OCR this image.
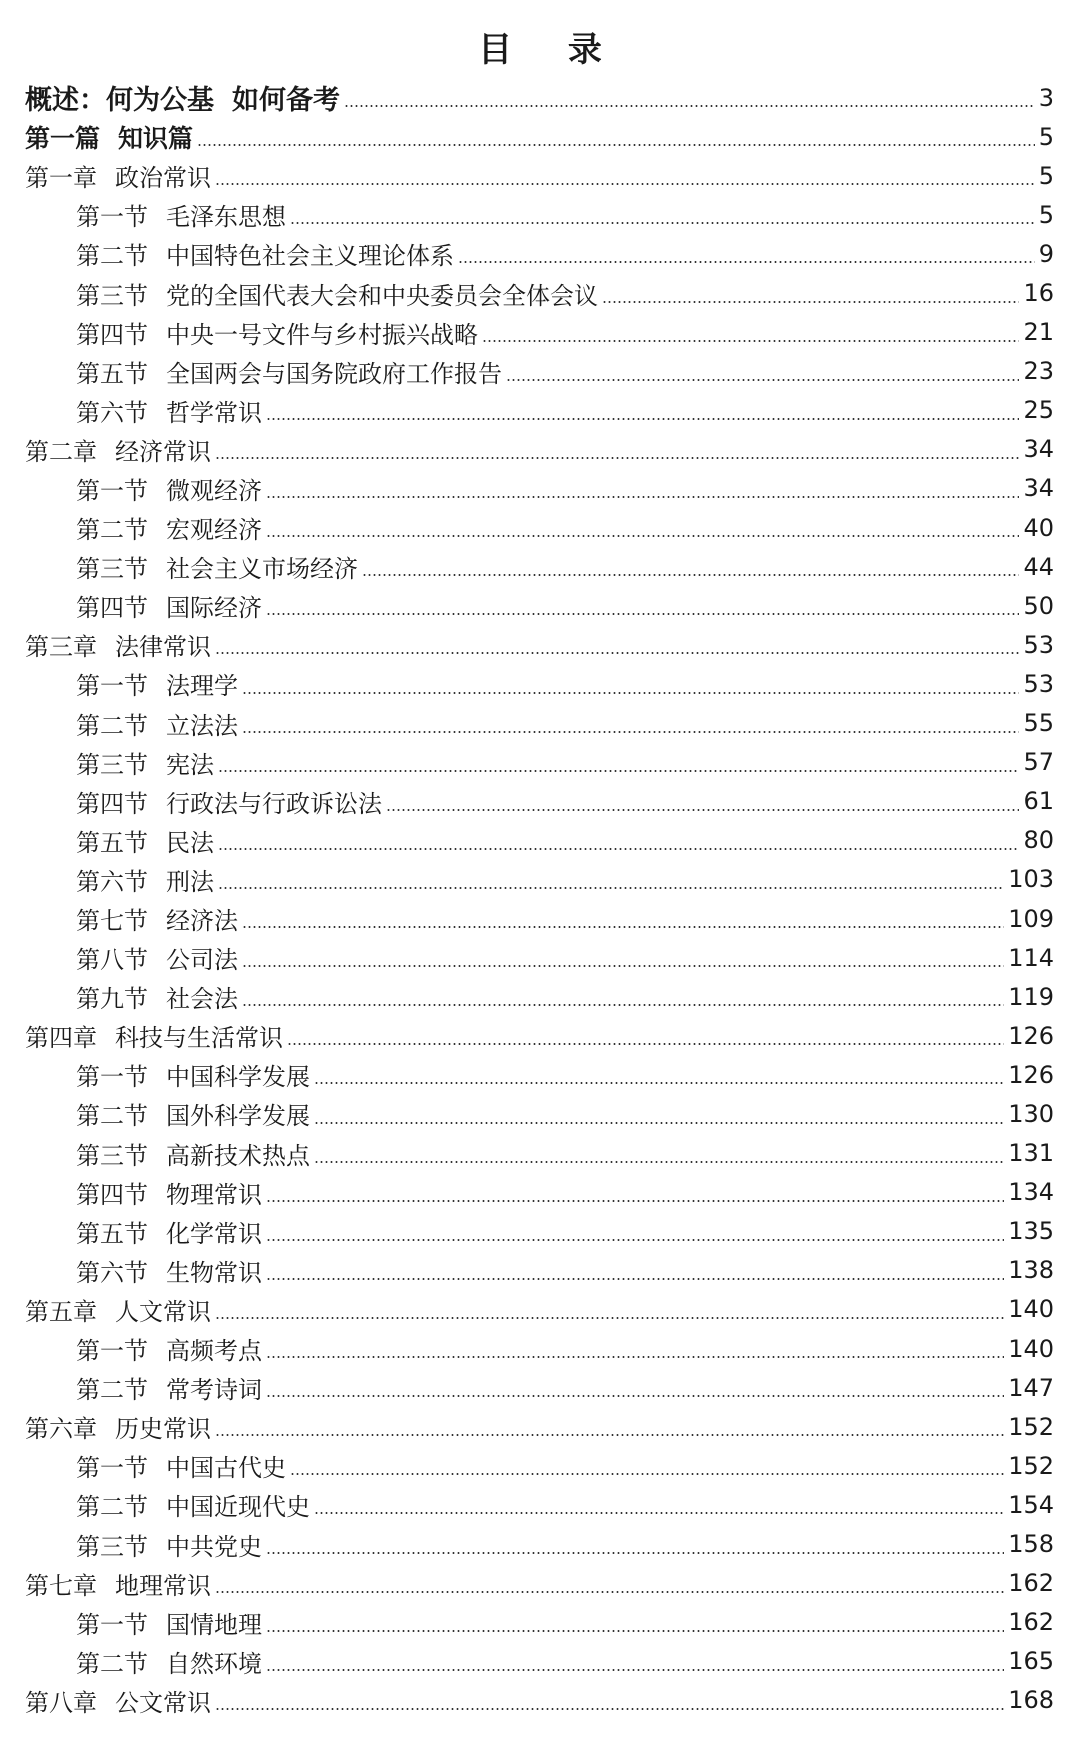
目 录
概述：何为公基 如何备考	3
第一篇 知识篇	5
第一章 政治常识	5
第一节 毛泽东思想	5
第二节 中国特色社会主义理论体系	9
第三节 党的全国代表大会和中央委员会全体会议	16
第四节 中央一号文件与乡村振兴战略	21
第五节 全国两会与国务院政府工作报告	23
第六节 哲学常识	25
第二章 经济常识	34
第一节 微观经济	34
第二节 宏观经济	40
第三节 社会主义市场经济	44
第四节 国际经济	50
第三章 法律常识	53
第一节 法理学	53
第二节 立法法	55
第三节 宪法	57
第四节 行政法与行政诉讼法	61
第五节 民法	80
第六节 刑法	103
第七节 经济法	109
第八节 公司法	114
第九节 社会法	119
第四章 科技与生活常识	126
第一节 中国科学发展	126
第二节 国外科学发展	130
第三节 高新技术热点	131
第四节 物理常识	134
第五节 化学常识	135
第六节 生物常识	138
第五章 人文常识	140
第一节 高频考点	140
第二节 常考诗词	147
第六章 历史常识	152
第一节 中国古代史	152
第二节 中国近现代史	154
第三节 中共党史	158
第七章 地理常识	162
第一节 国情地理	162
第二节 自然环境	165
第八章 公文常识	168
